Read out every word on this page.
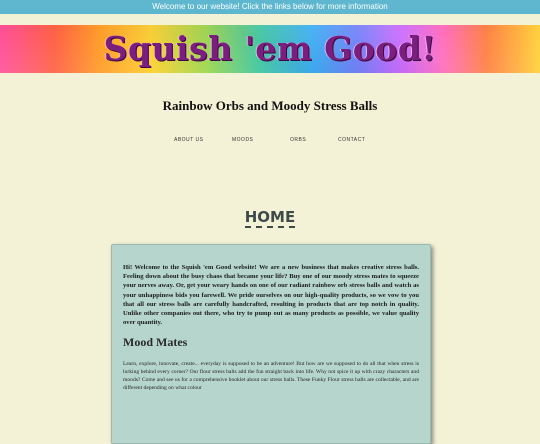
Welcome to our website! Click the links below for more information
Squish 'em Good!
Rainbow Orbs and Moody Stress Balls
ABOUT US	MOODS	ORBS	CONTACT
HOME

Hi! Welcome to the Squish 'em Good website! We are a new business that makes creative stress balls. Feeling down about the busy chaos that became your life? Buy one of our moody stress mates to squeeze your nerves away. Or, get your weary hands on one of our radiant rainbow orb stress balls and watch as your unhappiness bids you farewell. We pride ourselves on our high-quality products, so we vow to you that all our stress balls are carefully handcrafted, resulting in products that are top notch in quality. Unlike other companies out there, who try to pump out as many products as possible, we value quality over quantity.

Mood Mates

Learn, explore, innovate, create... everyday is supposed to be an adventure! But how are we supposed to do all that when stress is lurking behind every corner? Our flour stress balls add the fun straight back into life. Why not spice it up with crazy characters and moods? Come and see us for a comprehensive booklet about our stress balls. These Funky Flour stress balls are collectable, and are different depending on what colour
